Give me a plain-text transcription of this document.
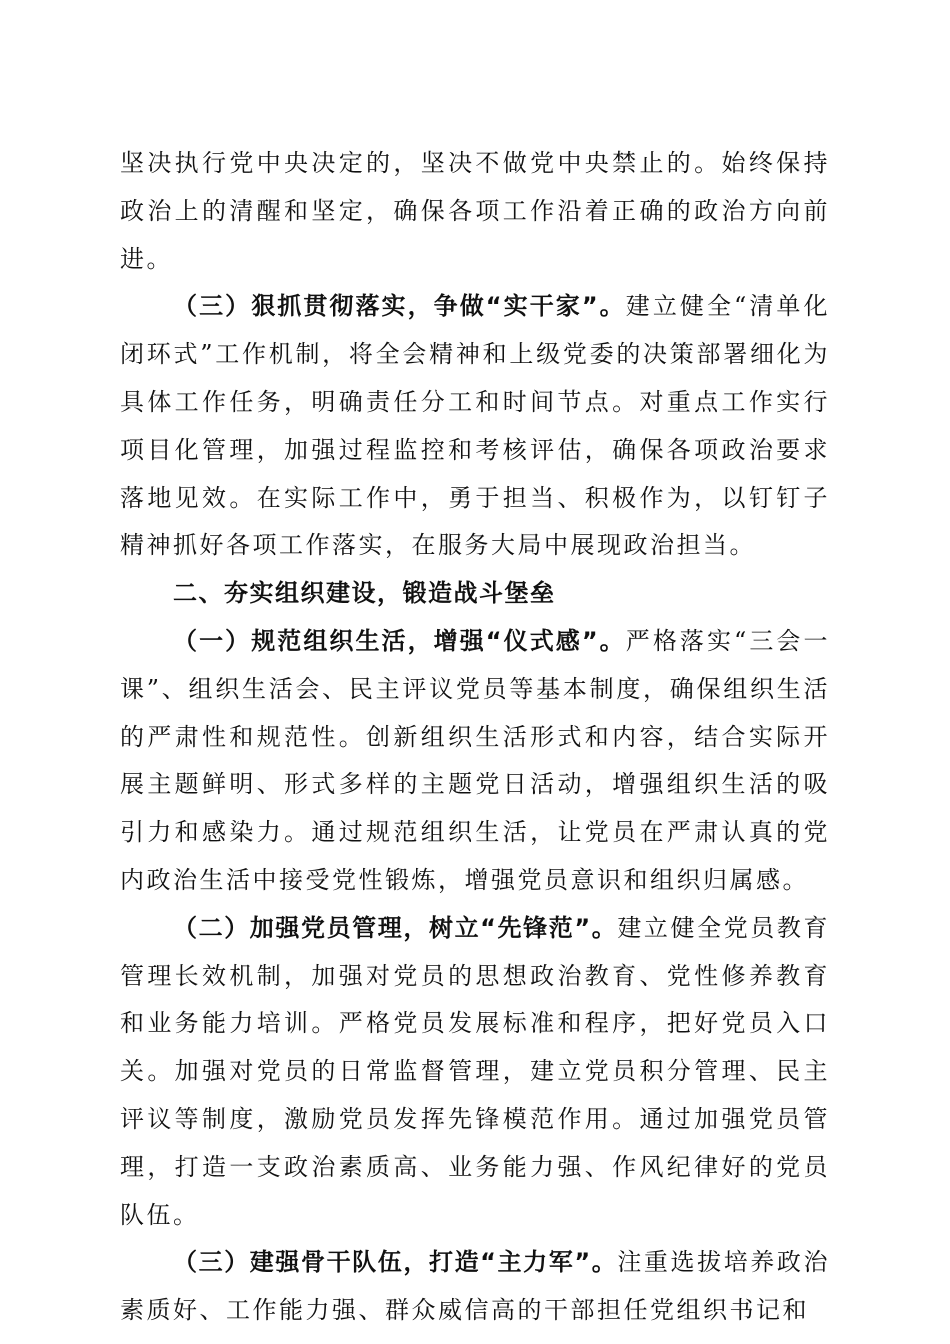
坚决执行党中央决定的，坚决不做党中央禁止的。始终保持政治上的清醒和坚定，确保各项工作沿着正确的政治方向前进。

（三）狠抓贯彻落实，争做“实干家”。建立健全“清单化闭环式”工作机制，将全会精神和上级党委的决策部署细化为具体工作任务，明确责任分工和时间节点。对重点工作实行项目化管理，加强过程监控和考核评估，确保各项政治要求落地见效。在实际工作中，勇于担当、积极作为，以钉钉子精神抓好各项工作落实，在服务大局中展现政治担当。

二、夯实组织建设，锻造战斗堡垒

（一）规范组织生活，增强“仪式感”。严格落实“三会一课”、组织生活会、民主评议党员等基本制度，确保组织生活的严肃性和规范性。创新组织生活形式和内容，结合实际开展主题鲜明、形式多样的主题党日活动，增强组织生活的吸引力和感染力。通过规范组织生活，让党员在严肃认真的党内政治生活中接受党性锻炼，增强党员意识和组织归属感。

（二）加强党员管理，树立“先锋范”。建立健全党员教育管理长效机制，加强对党员的思想政治教育、党性修养教育和业务能力培训。严格党员发展标准和程序，把好党员入口关。加强对党员的日常监督管理，建立党员积分管理、民主评议等制度，激励党员发挥先锋模范作用。通过加强党员管理，打造一支政治素质高、业务能力强、作风纪律好的党员队伍。

（三）建强骨干队伍，打造“主力军”。注重选拔培养政治素质好、工作能力强、群众威信高的干部担任党组织书记和
